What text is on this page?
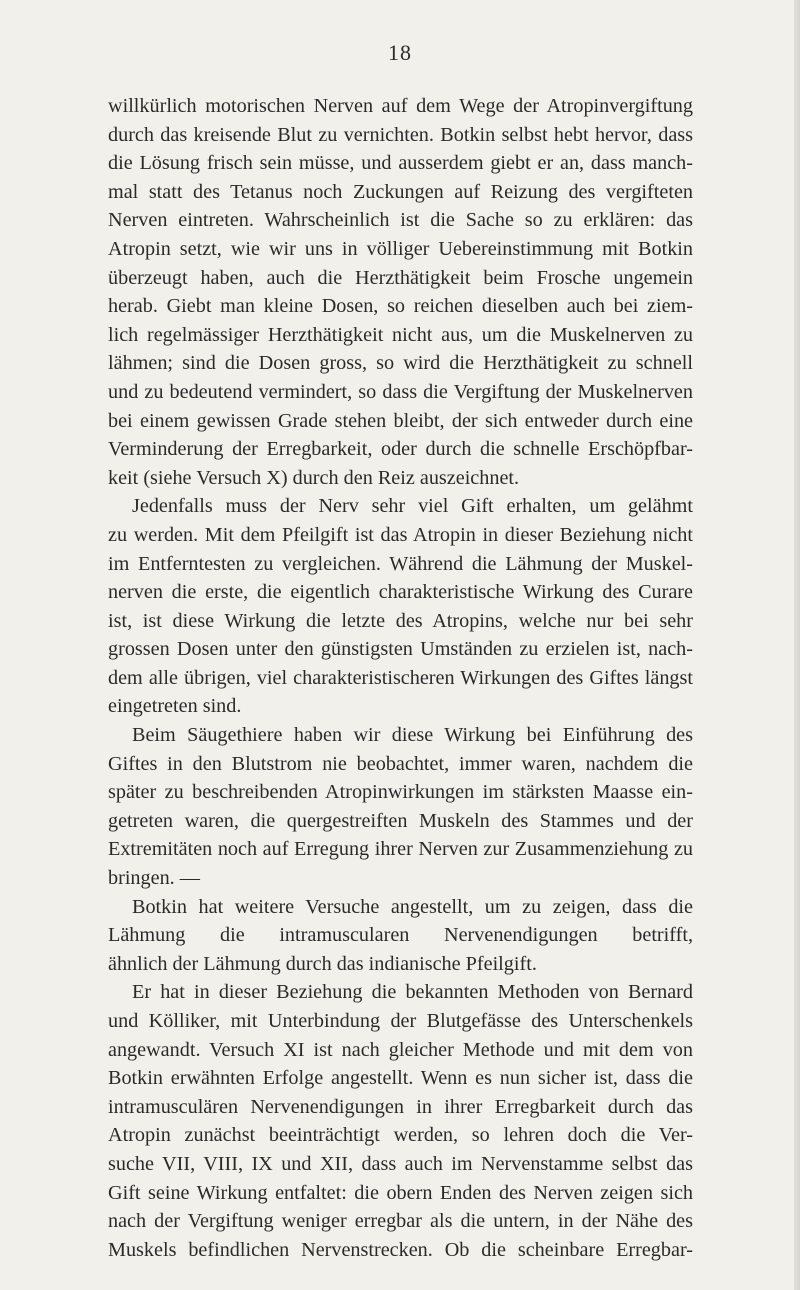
18
willkürlich motorischen Nerven auf dem Wege der Atropinvergiftung
durch das kreisende Blut zu vernichten. Botkin selbst hebt hervor, dass
die Lösung frisch sein müsse, und ausserdem giebt er an, dass manch-
mal statt des Tetanus noch Zuckungen auf Reizung des vergifteten
Nerven eintreten. Wahrscheinlich ist die Sache so zu erklären: das
Atropin setzt, wie wir uns in völliger Uebereinstimmung mit Botkin
überzeugt haben, auch die Herzthätigkeit beim Frosche ungemein
herab. Giebt man kleine Dosen, so reichen dieselben auch bei ziem-
lich regelmässiger Herzthätigkeit nicht aus, um die Muskelnerven zu
lähmen; sind die Dosen gross, so wird die Herzthätigkeit zu schnell
und zu bedeutend vermindert, so dass die Vergiftung der Muskelnerven
bei einem gewissen Grade stehen bleibt, der sich entweder durch eine
Verminderung der Erregbarkeit, oder durch die schnelle Erschöpfbar-
keit (siehe Versuch X) durch den Reiz auszeichnet.
Jedenfalls muss der Nerv sehr viel Gift erhalten, um gelähmt
zu werden. Mit dem Pfeilgift ist das Atropin in dieser Beziehung nicht
im Entferntesten zu vergleichen. Während die Lähmung der Muskel-
nerven die erste, die eigentlich charakteristische Wirkung des Curare
ist, ist diese Wirkung die letzte des Atropins, welche nur bei sehr
grossen Dosen unter den günstigsten Umständen zu erzielen ist, nach-
dem alle übrigen, viel charakteristischeren Wirkungen des Giftes längst
eingetreten sind.
Beim Säugethiere haben wir diese Wirkung bei Einführung des
Giftes in den Blutstrom nie beobachtet, immer waren, nachdem die
später zu beschreibenden Atropinwirkungen im stärksten Maasse ein-
getreten waren, die quergestreiften Muskeln des Stammes und der
Extremitäten noch auf Erregung ihrer Nerven zur Zusammenziehung zu
bringen. —
Botkin hat weitere Versuche angestellt, um zu zeigen, dass die
Lähmung die intramuscularen Nervenendigungen betrifft,
ähnlich der Lähmung durch das indianische Pfeilgift.
Er hat in dieser Beziehung die bekannten Methoden von Bernard
und Kölliker, mit Unterbindung der Blutgefässe des Unterschenkels
angewandt. Versuch XI ist nach gleicher Methode und mit dem von
Botkin erwähnten Erfolge angestellt. Wenn es nun sicher ist, dass die
intramusculären Nervenendigungen in ihrer Erregbarkeit durch das
Atropin zunächst beeinträchtigt werden, so lehren doch die Ver-
suche VII, VIII, IX und XII, dass auch im Nervenstamme selbst das
Gift seine Wirkung entfaltet: die obern Enden des Nerven zeigen sich
nach der Vergiftung weniger erregbar als die untern, in der Nähe des
Muskels befindlichen Nervenstrecken. Ob die scheinbare Erregbar-
